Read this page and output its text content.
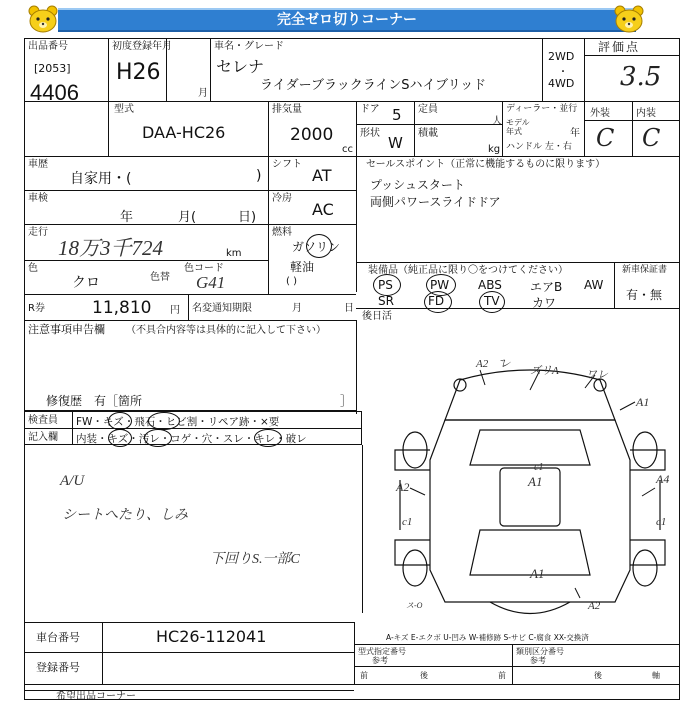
完全ゼロ切りコーナー
出品番号
[2053]
4406
初度登録年月
H26
月
車名・グレード
セレナ
ライダーブラックラインSハイブリッド
2WD
・
4WD
評価点
3.5
型式
DAA-HC26
排気量
2000
cc
ドア 5
形状
W
定員
人
積載
kg
ディーラー・並行
モデル
年式	年
ハンドル 左・右
外装	内装
C C
車歴
自家用・(	)
車検
年	月(	日)
走行
18万3千724	km
色
クロ	色替
色コード
G41
シフト
AT
冷房
AC
燃料
ガソリン
軽油
( )
セールスポイント（正常に機能するものに限ります）
プッシュスタート
両側パワースライドドア
装備品（純正品に限り〇をつけてください）	新車保証書
有・無
PS	PW ABS エアB AW
SR	FD	TV	カワ
R券	11,810 円 名変通知期限	月	日
後日活
注意事項申告欄 （不具合内容等は具体的に記入して下さい）
修復歴　有［箇所	］
検査員
記入欄
FW・キズ・飛石・ヒビ割・リペア跡・×要
内装・キズ・汚レ・コゲ・穴・スレ・キレ・破レ
A/U
シートへたり、しみ
下回りS.一部C
A2 ク̃レ
ズリA ワレ
A1
A2
c1
A1	A4
c1	c1
A1
A2
ス-O
車台番号	HC26-112041
登録番号
A-キズ E-エクボ U-凹み W-補修跡 S-サビ C-腐食 XX-交換済
型式指定番号
参考
類別区分番号
参考
前	後	前	後	軸
希望出品コーナー
